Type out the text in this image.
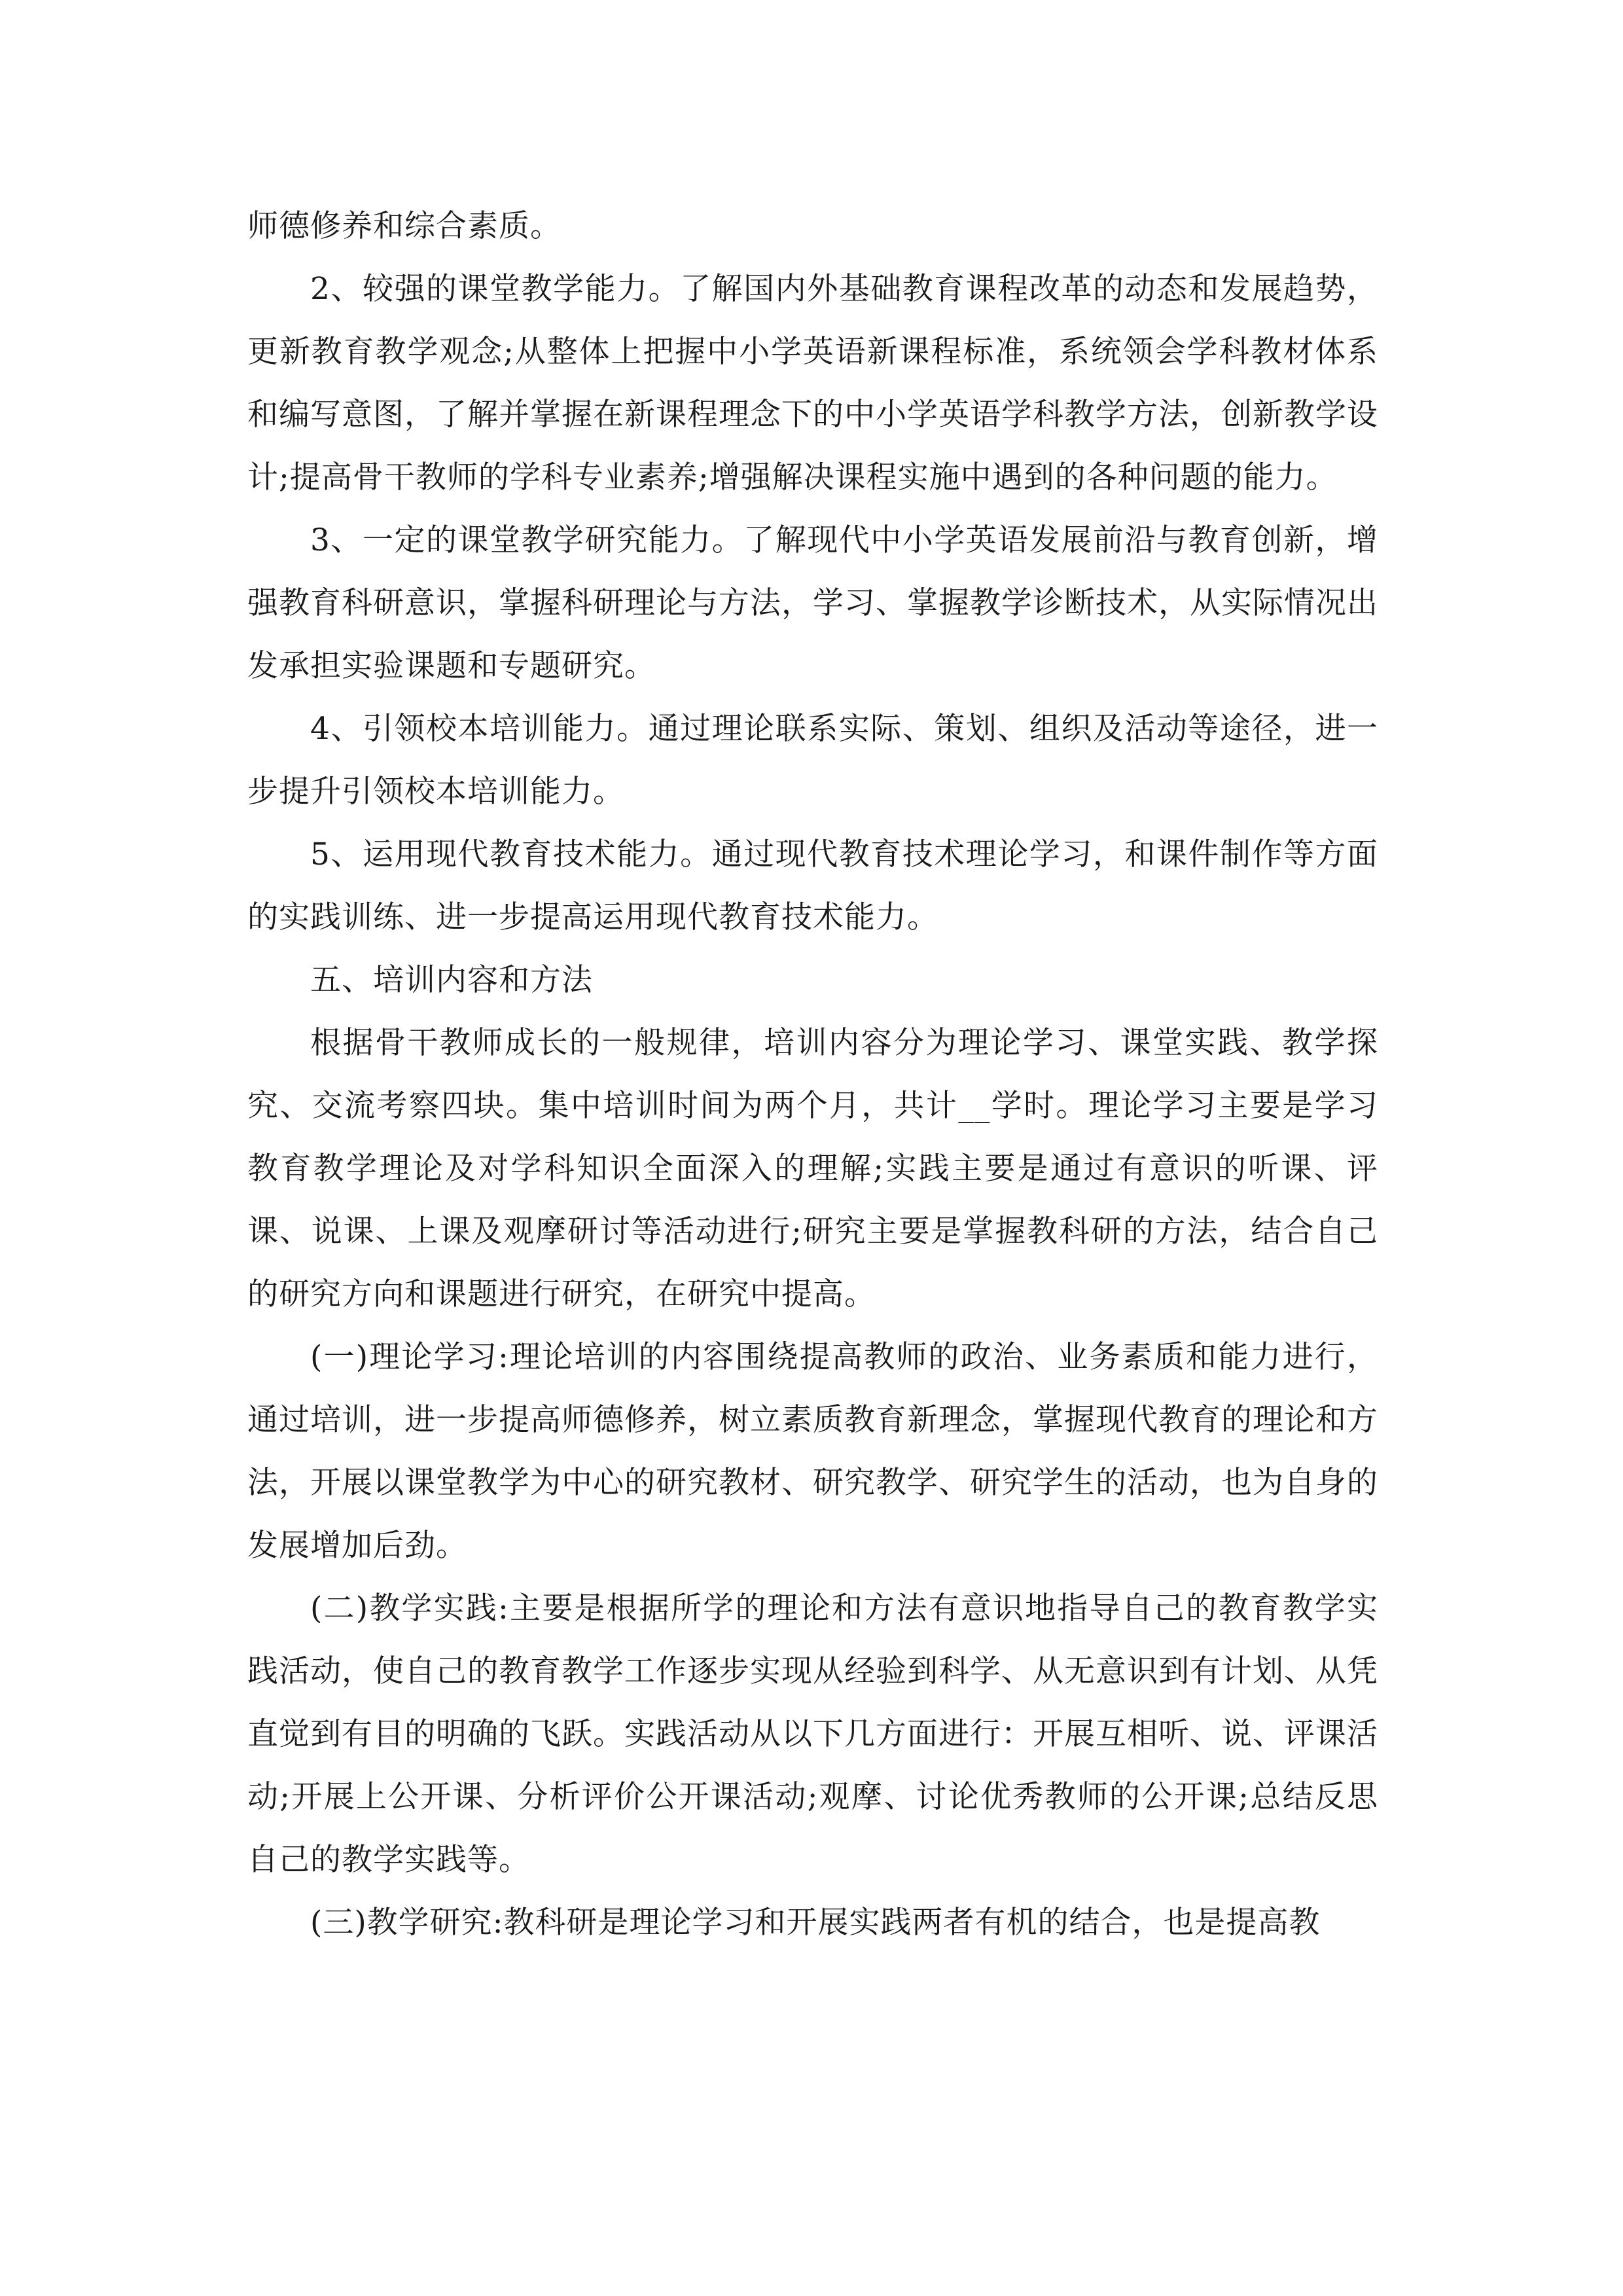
师德修养和综合素质。

2、较强的课堂教学能力。了解国内外基础教育课程改革的动态和发展趋势，更新教育教学观念;从整体上把握中小学英语新课程标准，系统领会学科教材体系和编写意图，了解并掌握在新课程理念下的中小学英语学科教学方法，创新教学设计;提高骨干教师的学科专业素养;增强解决课程实施中遇到的各种问题的能力。

3、一定的课堂教学研究能力。了解现代中小学英语发展前沿与教育创新，增强教育科研意识，掌握科研理论与方法，学习、掌握教学诊断技术，从实际情况出发承担实验课题和专题研究。

4、引领校本培训能力。通过理论联系实际、策划、组织及活动等途径，进一步提升引领校本培训能力。

5、运用现代教育技术能力。通过现代教育技术理论学习，和课件制作等方面的实践训练、进一步提高运用现代教育技术能力。

五、培训内容和方法

根据骨干教师成长的一般规律，培训内容分为理论学习、课堂实践、教学探究、交流考察四块。集中培训时间为两个月，共计__学时。理论学习主要是学习教育教学理论及对学科知识全面深入的理解;实践主要是通过有意识的听课、评课、说课、上课及观摩研讨等活动进行;研究主要是掌握教科研的方法，结合自己的研究方向和课题进行研究，在研究中提高。

(一)理论学习:理论培训的内容围绕提高教师的政治、业务素质和能力进行，通过培训，进一步提高师德修养，树立素质教育新理念，掌握现代教育的理论和方法，开展以课堂教学为中心的研究教材、研究教学、研究学生的活动，也为自身的发展增加后劲。

(二)教学实践:主要是根据所学的理论和方法有意识地指导自己的教育教学实践活动，使自己的教育教学工作逐步实现从经验到科学、从无意识到有计划、从凭直觉到有目的明确的飞跃。实践活动从以下几方面进行：开展互相听、说、评课活动;开展上公开课、分析评价公开课活动;观摩、讨论优秀教师的公开课;总结反思自己的教学实践等。

(三)教学研究:教科研是理论学习和开展实践两者有机的结合，也是提高教
